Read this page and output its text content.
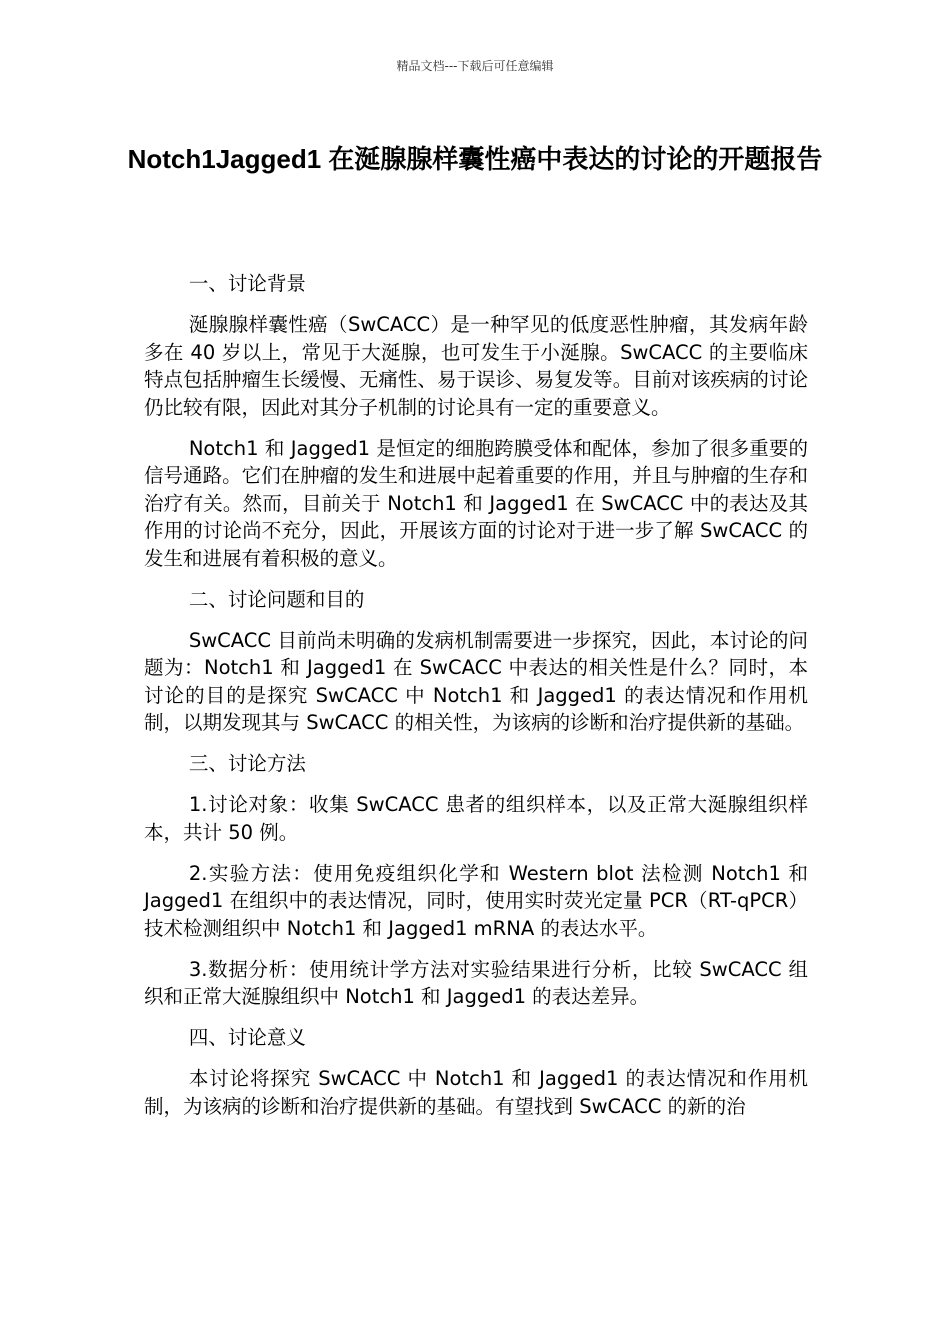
精品文档---下载后可任意编辑
Notch1Jagged1 在涎腺腺样囊性癌中表达的讨论的开题报告

一、讨论背景

涎腺腺样囊性癌（SwCACC）是一种罕见的低度恶性肿瘤，其发病年龄多在 40 岁以上，常见于大涎腺，也可发生于小涎腺。SwCACC 的主要临床特点包括肿瘤生长缓慢、无痛性、易于误诊、易复发等。目前对该疾病的讨论仍比较有限，因此对其分子机制的讨论具有一定的重要意义。

Notch1 和 Jagged1 是恒定的细胞跨膜受体和配体，参加了很多重要的信号通路。它们在肿瘤的发生和进展中起着重要的作用，并且与肿瘤的生存和治疗有关。然而，目前关于 Notch1 和 Jagged1 在 SwCACC 中的表达及其作用的讨论尚不充分，因此，开展该方面的讨论对于进一步了解 SwCACC 的发生和进展有着积极的意义。

二、讨论问题和目的

SwCACC 目前尚未明确的发病机制需要进一步探究，因此，本讨论的问题为：Notch1 和 Jagged1 在 SwCACC 中表达的相关性是什么？同时，本讨论的目的是探究 SwCACC 中 Notch1 和 Jagged1 的表达情况和作用机制，以期发现其与 SwCACC 的相关性，为该病的诊断和治疗提供新的基础。

三、讨论方法

1.讨论对象：收集 SwCACC 患者的组织样本，以及正常大涎腺组织样本，共计 50 例。

2.实验方法：使用免疫组织化学和 Western blot 法检测 Notch1 和 Jagged1 在组织中的表达情况，同时，使用实时荧光定量 PCR（RT-qPCR）技术检测组织中 Notch1 和 Jagged1 mRNA 的表达水平。

3.数据分析：使用统计学方法对实验结果进行分析，比较 SwCACC 组织和正常大涎腺组织中 Notch1 和 Jagged1 的表达差异。

四、讨论意义

本讨论将探究 SwCACC 中 Notch1 和 Jagged1 的表达情况和作用机制，为该病的诊断和治疗提供新的基础。有望找到 SwCACC 的新的治
